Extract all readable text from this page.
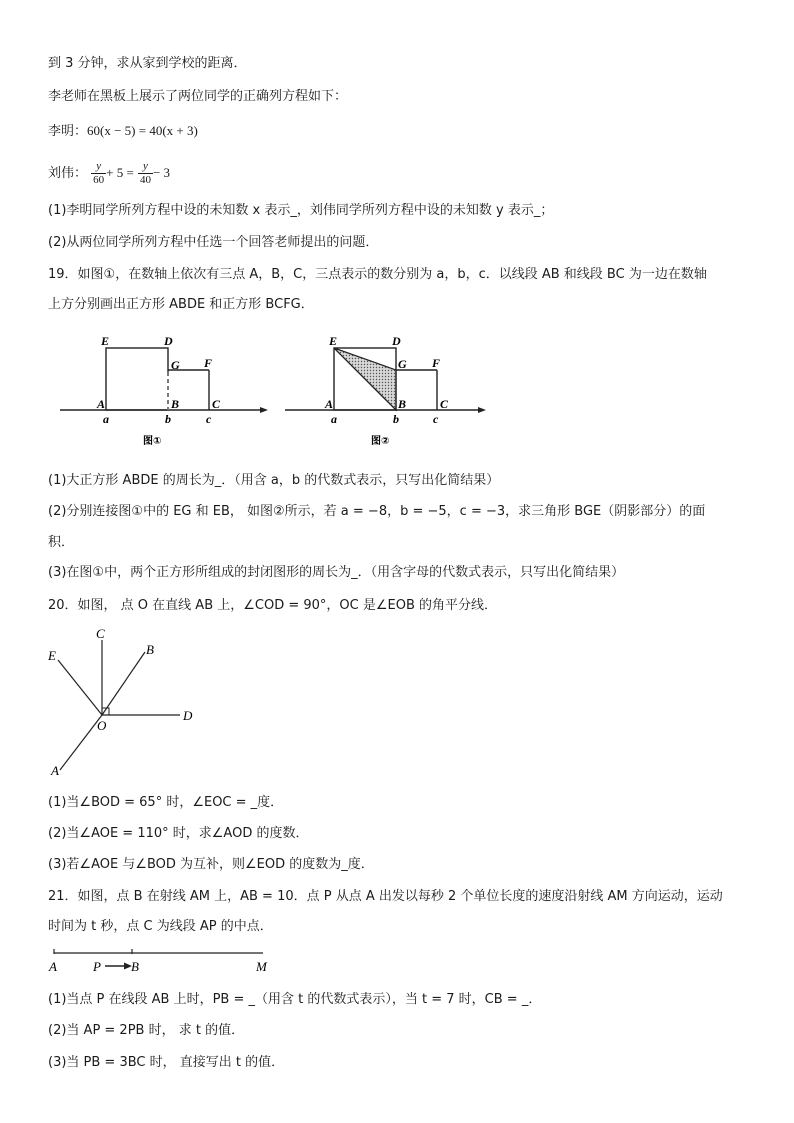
到 3 分钟，求从家到学校的距离．
李老师在黑板上展示了两位同学的正确列方程如下：
李明：60(x − 5) = 40(x + 3)
刘伟： $\frac{y}{60} + 5 = \frac{y}{40} - 3$
(1)李明同学所列方程中设的未知数 x 表示_，刘伟同学所列方程中设的未知数 y 表示_；
(2)从两位同学所列方程中任选一个回答老师提出的问题．
19．如图①，在数轴上依次有三点 A，B，C，三点表示的数分别为 a，b，c．以线段 AB 和线段 BC 为一边在数轴
上方分别画出正方形 ABDE 和正方形 BCFG．
E	D
G F
A	B	C
a	b	c
图①
E	D
G F
A	B	C
a	b	c
图②
(1)大正方形 ABDE 的周长为_．（用含 a，b 的代数式表示，只写出化简结果）
(2)分别连接图①中的 EG 和 EB， 如图②所示，若 a = −8，b = −5，c = −3，求三角形 BGE（阴影部分）的面
积．
(3)在图①中，两个正方形所组成的封闭图形的周长为_．（用含字母的代数式表示，只写出化简结果）
20．如图， 点 O 在直线 AB 上，∠COD = 90°，OC 是∠EOB 的角平分线．
C
B
E
D
O
A
(1)当∠BOD = 65° 时，∠EOC = _度．
(2)当∠AOE = 110° 时，求∠AOD 的度数．
(3)若∠AOE 与∠BOD 为互补，则∠EOD 的度数为_度．
21．如图，点 B 在射线 AM 上，AB = 10．点 P 从点 A 出发以每秒 2 个单位长度的速度沿射线 AM 方向运动，运动
时间为 t 秒，点 C 为线段 AP 的中点．
A	P B	M
(1)当点 P 在线段 AB 上时，PB = _（用含 t 的代数式表示），当 t = 7 时，CB = _．
(2)当 AP = 2PB 时， 求 t 的值．
(3)当 PB = 3BC 时， 直接写出 t 的值．
